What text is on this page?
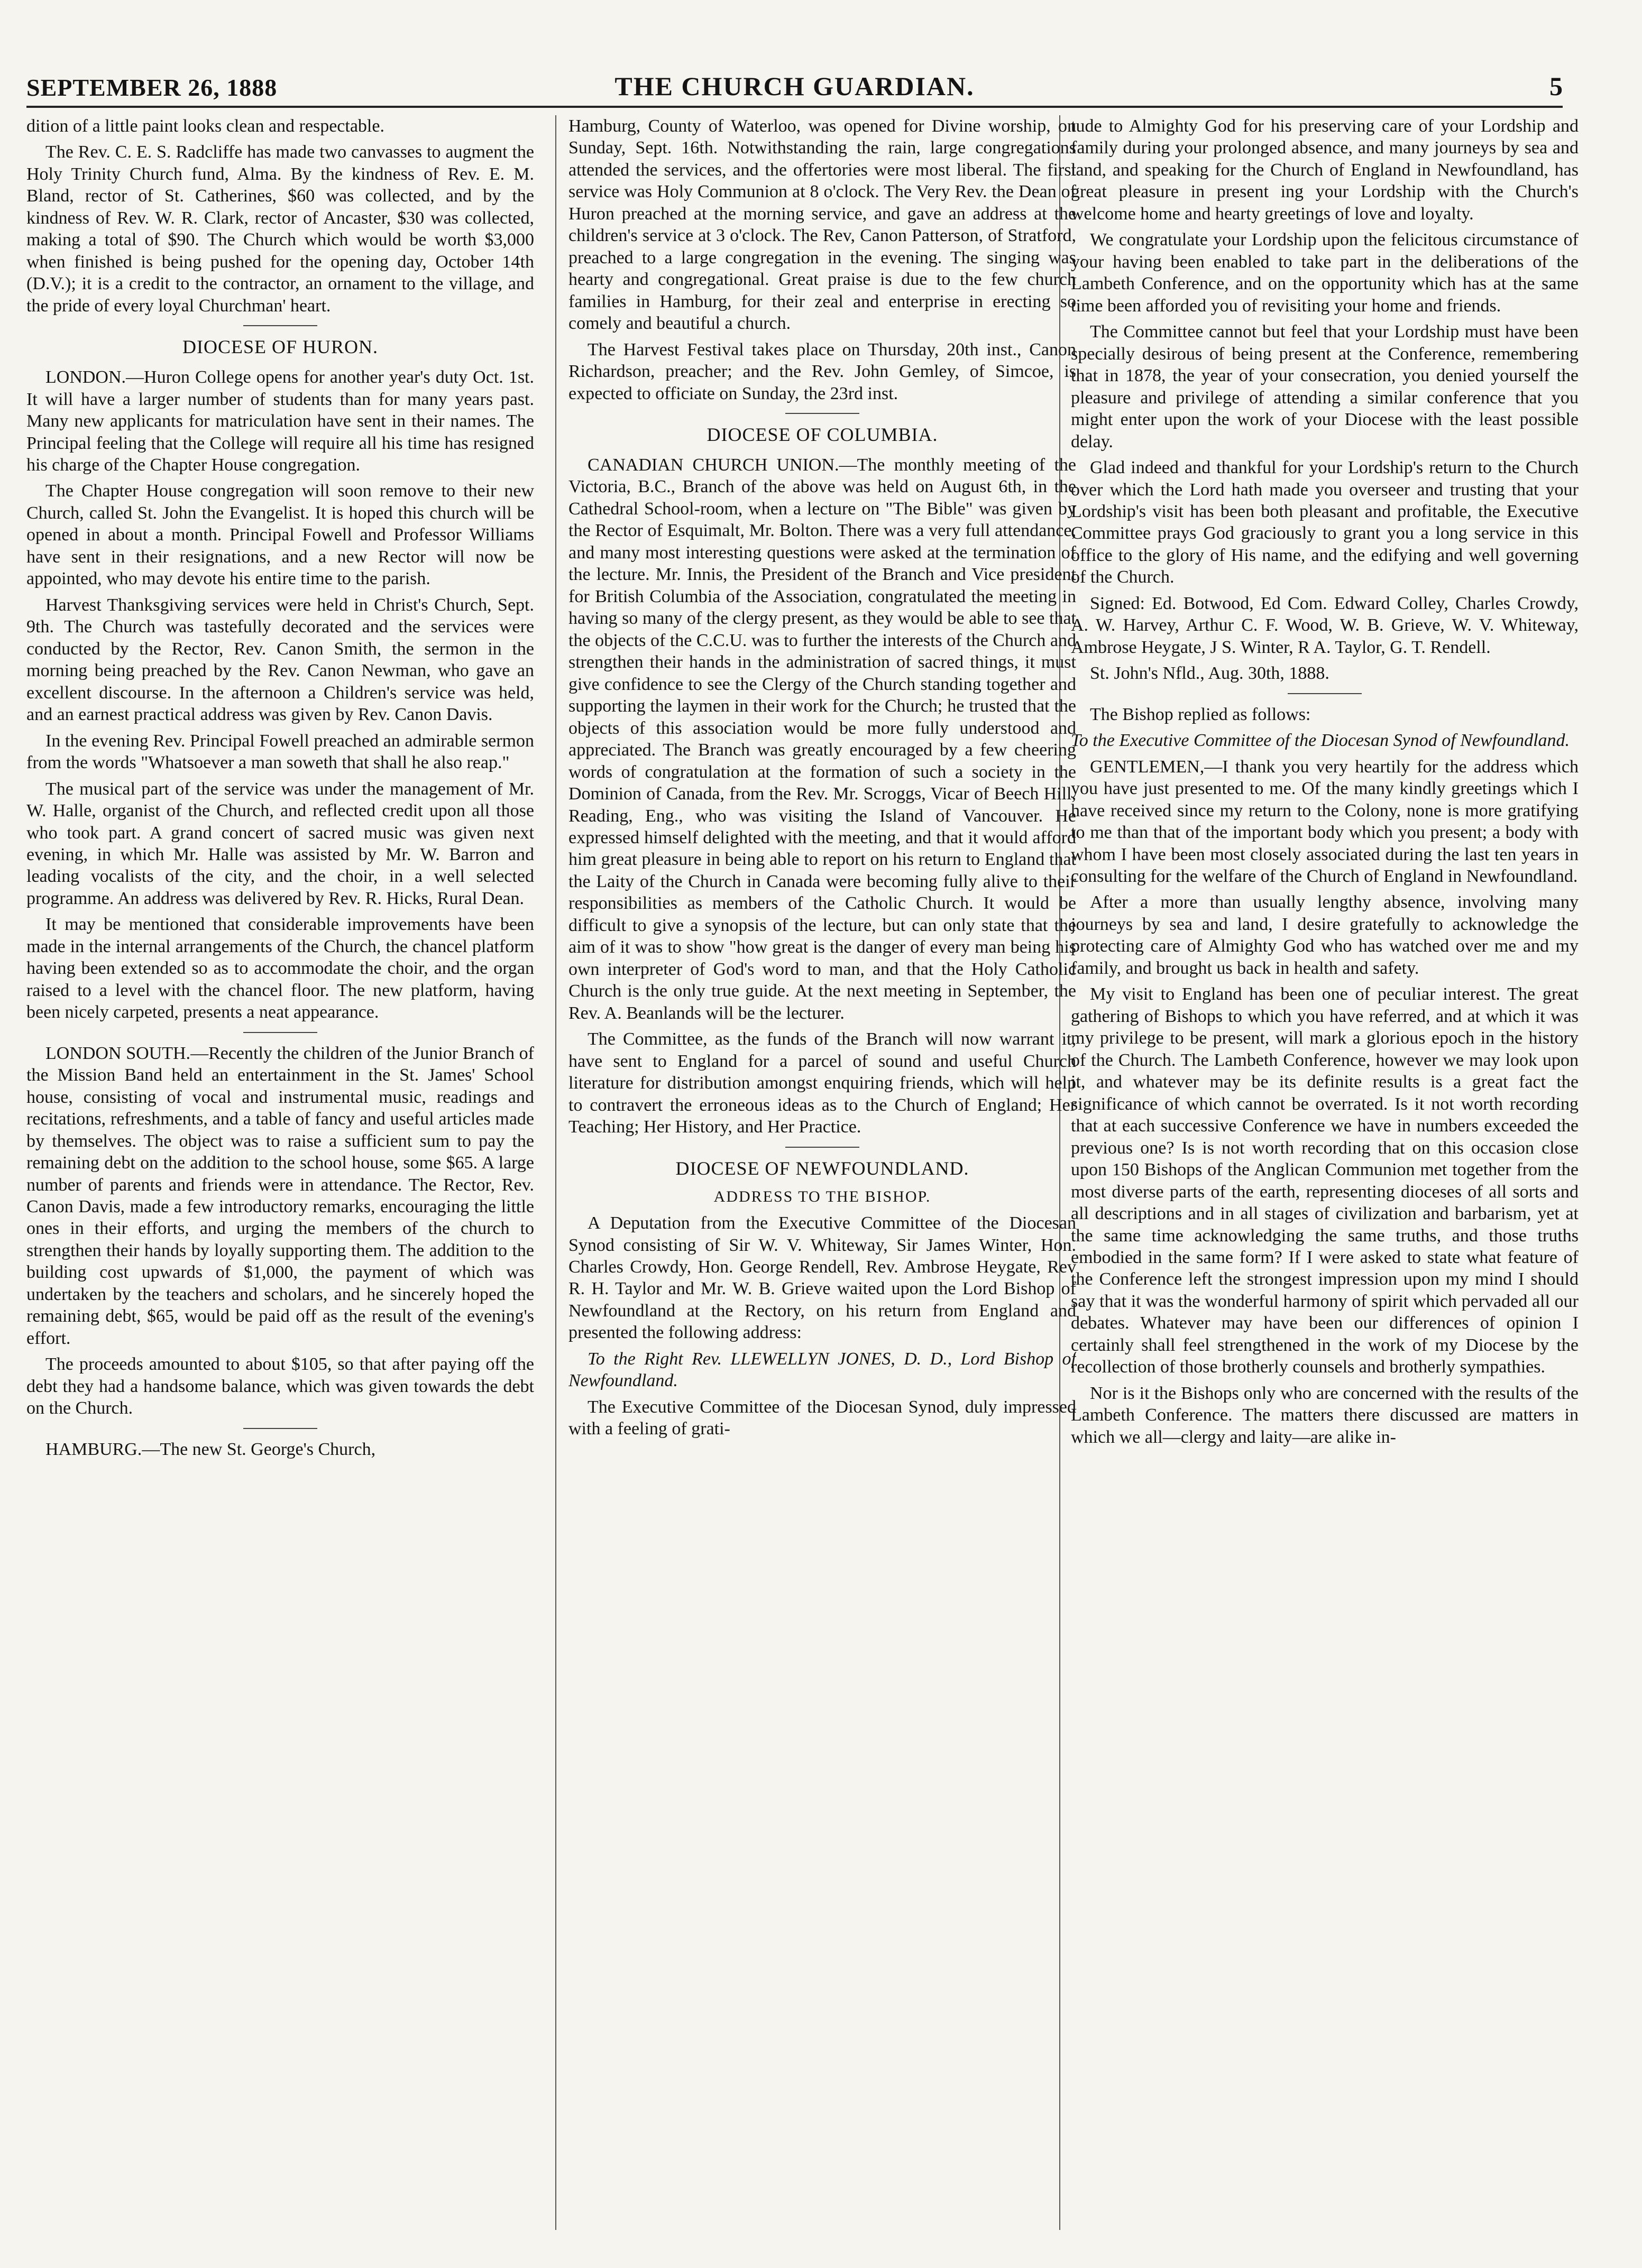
SEPTEMBER 26, 1888	THE CHURCH GUARDIAN.	5

dition of a little paint looks clean and respectable.

The Rev. C. E. S. Radcliffe has made two canvasses to augment the Holy Trinity Church fund, Alma. By the kindness of Rev. E. M. Bland, rector of St. Catherines, $60 was collected, and by the kindness of Rev. W. R. Clark, rector of Ancaster, $30 was collected, making a total of $90. The Church which would be worth $3,000 when finished is being pushed for the opening day, October 14th (D.V.); it is a credit to the contractor, an ornament to the village, and the pride of every loyal Churchman' heart.

DIOCESE OF HURON.

LONDON.—Huron College opens for another year's duty Oct. 1st. It will have a larger number of students than for many years past. Many new applicants for matriculation have sent in their names. The Principal feeling that the College will require all his time has resigned his charge of the Chapter House congregation.

The Chapter House congregation will soon remove to their new Church, called St. John the Evangelist. It is hoped this church will be opened in about a month. Principal Fowell and Professor Williams have sent in their resignations, and a new Rector will now be appointed, who may devote his entire time to the parish.

Harvest Thanksgiving services were held in Christ's Church, Sept. 9th. The Church was tastefully decorated and the services were conducted by the Rector, Rev. Canon Smith, the sermon in the morning being preached by the Rev. Canon Newman, who gave an excellent discourse. In the afternoon a Children's service was held, and an earnest practical address was given by Rev. Canon Davis.

In the evening Rev. Principal Fowell preached an admirable sermon from the words "Whatsoever a man soweth that shall he also reap."

The musical part of the service was under the management of Mr. W. Halle, organist of the Church, and reflected credit upon all those who took part. A grand concert of sacred music was given next evening, in which Mr. Halle was assisted by Mr. W. Barron and leading vocalists of the city, and the choir, in a well selected programme. An address was delivered by Rev. R. Hicks, Rural Dean.

It may be mentioned that considerable improvements have been made in the internal arrangements of the Church, the chancel platform having been extended so as to accommodate the choir, and the organ raised to a level with the chancel floor. The new platform, having been nicely carpeted, presents a neat appearance.

LONDON SOUTH.—Recently the children of the Junior Branch of the Mission Band held an entertainment in the St. James' School house, consisting of vocal and instrumental music, readings and recitations, refreshments, and a table of fancy and useful articles made by themselves. The object was to raise a sufficient sum to pay the remaining debt on the addition to the school house, some $65. A large number of parents and friends were in attendance. The Rector, Rev. Canon Davis, made a few introductory remarks, encouraging the little ones in their efforts, and urging the members of the church to strengthen their hands by loyally supporting them. The addition to the building cost upwards of $1,000, the payment of which was undertaken by the teachers and scholars, and he sincerely hoped the remaining debt, $65, would be paid off as the result of the evening's effort.

The proceeds amounted to about $105, so that after paying off the debt they had a handsome balance, which was given towards the debt on the Church.

HAMBURG.—The new St. George's Church,

Hamburg, County of Waterloo, was opened for Divine worship, on Sunday, Sept. 16th. Notwithstanding the rain, large congregations attended the services, and the offertories were most liberal. The first service was Holy Communion at 8 o'clock. The Very Rev. the Dean of Huron preached at the morning service, and gave an address at the children's service at 3 o'clock. The Rev, Canon Patterson, of Stratford, preached to a large congregation in the evening. The singing was hearty and congregational. Great praise is due to the few church families in Hamburg, for their zeal and enterprise in erecting so comely and beautiful a church.

The Harvest Festival takes place on Thursday, 20th inst., Canon Richardson, preacher; and the Rev. John Gemley, of Simcoe, is expected to officiate on Sunday, the 23rd inst.

DIOCESE OF COLUMBIA.

CANADIAN CHURCH UNION.—The monthly meeting of the Victoria, B.C., Branch of the above was held on August 6th, in the Cathedral School-room, when a lecture on "The Bible" was given by the Rector of Esquimalt, Mr. Bolton. There was a very full attendance, and many most interesting questions were asked at the termination of the lecture. Mr. Innis, the President of the Branch and Vice president for British Columbia of the Association, congratulated the meeting in having so many of the clergy present, as they would be able to see that the objects of the C.C.U. was to further the interests of the Church and strengthen their hands in the administration of sacred things, it must give confidence to see the Clergy of the Church standing together and supporting the laymen in their work for the Church; he trusted that the objects of this association would be more fully understood and appreciated. The Branch was greatly encouraged by a few cheering words of congratulation at the formation of such a society in the Dominion of Canada, from the Rev. Mr. Scroggs, Vicar of Beech Hill, Reading, Eng., who was visiting the Island of Vancouver. He expressed himself delighted with the meeting, and that it would afford him great pleasure in being able to report on his return to England that the Laity of the Church in Canada were becoming fully alive to their responsibilities as members of the Catholic Church. It would be difficult to give a synopsis of the lecture, but can only state that the aim of it was to show "how great is the danger of every man being his own interpreter of God's word to man, and that the Holy Catholic Church is the only true guide. At the next meeting in September, the Rev. A. Beanlands will be the lecturer.

The Committee, as the funds of the Branch will now warrant it, have sent to England for a parcel of sound and useful Church literature for distribution amongst enquiring friends, which will help to contravert the erroneous ideas as to the Church of England; Her Teaching; Her History, and Her Practice.

DIOCESE OF NEWFOUNDLAND.
ADDRESS TO THE BISHOP.

A Deputation from the Executive Committee of the Diocesan Synod consisting of Sir W. V. Whiteway, Sir James Winter, Hon. Charles Crowdy, Hon. George Rendell, Rev. Ambrose Heygate, Rev R. H. Taylor and Mr. W. B. Grieve waited upon the Lord Bishop of Newfoundland at the Rectory, on his return from England and presented the following address:

To the Right Rev. LLEWELLYN JONES, D. D., Lord Bishop of Newfoundland.

The Executive Committee of the Diocesan Synod, duly impressed with a feeling of grati-

tude to Almighty God for his preserving care of your Lordship and family during your prolonged absence, and many journeys by sea and land, and speaking for the Church of England in Newfoundland, has great pleasure in present ing your Lordship with the Church's welcome home and hearty greetings of love and loyalty.

We congratulate your Lordship upon the felicitous circumstance of your having been enabled to take part in the deliberations of the Lambeth Conference, and on the opportunity which has at the same time been afforded you of revisiting your home and friends.

The Committee cannot but feel that your Lordship must have been specially desirous of being present at the Conference, remembering that in 1878, the year of your consecration, you denied yourself the pleasure and privilege of attending a similar conference that you might enter upon the work of your Diocese with the least possible delay.

Glad indeed and thankful for your Lordship's return to the Church over which the Lord hath made you overseer and trusting that your Lordship's visit has been both pleasant and profitable, the Executive Committee prays God graciously to grant you a long service in this office to the glory of His name, and the edifying and well governing of the Church.

Signed: Ed. Botwood, Ed Com. Edward Colley, Charles Crowdy, A. W. Harvey, Arthur C. F. Wood, W. B. Grieve, W. V. Whiteway, Ambrose Heygate, J S. Winter, R A. Taylor, G. T. Rendell.

St. John's Nfld., Aug. 30th, 1888.

The Bishop replied as follows:

To the Executive Committee of the Diocesan Synod of Newfoundland.

GENTLEMEN,—I thank you very heartily for the address which you have just presented to me. Of the many kindly greetings which I have received since my return to the Colony, none is more gratifying to me than that of the important body which you present; a body with whom I have been most closely associated during the last ten years in consulting for the welfare of the Church of England in Newfoundland.

After a more than usually lengthy absence, involving many journeys by sea and land, I desire gratefully to acknowledge the protecting care of Almighty God who has watched over me and my family, and brought us back in health and safety.

My visit to England has been one of peculiar interest. The great gathering of Bishops to which you have referred, and at which it was my privilege to be present, will mark a glorious epoch in the history of the Church. The Lambeth Conference, however we may look upon it, and whatever may be its definite results is a great fact the significance of which cannot be overrated. Is it not worth recording that at each successive Conference we have in numbers exceeded the previous one? Is is not worth recording that on this occasion close upon 150 Bishops of the Anglican Communion met together from the most diverse parts of the earth, representing dioceses of all sorts and all descriptions and in all stages of civilization and barbarism, yet at the same time acknowledging the same truths, and those truths embodied in the same form? If I were asked to state what feature of the Conference left the strongest impression upon my mind I should say that it was the wonderful harmony of spirit which pervaded all our debates. Whatever may have been our differences of opinion I certainly shall feel strengthened in the work of my Diocese by the recollection of those brotherly counsels and brotherly sympathies.

Nor is it the Bishops only who are concerned with the results of the Lambeth Conference. The matters there discussed are matters in which we all—clergy and laity—are alike in-
